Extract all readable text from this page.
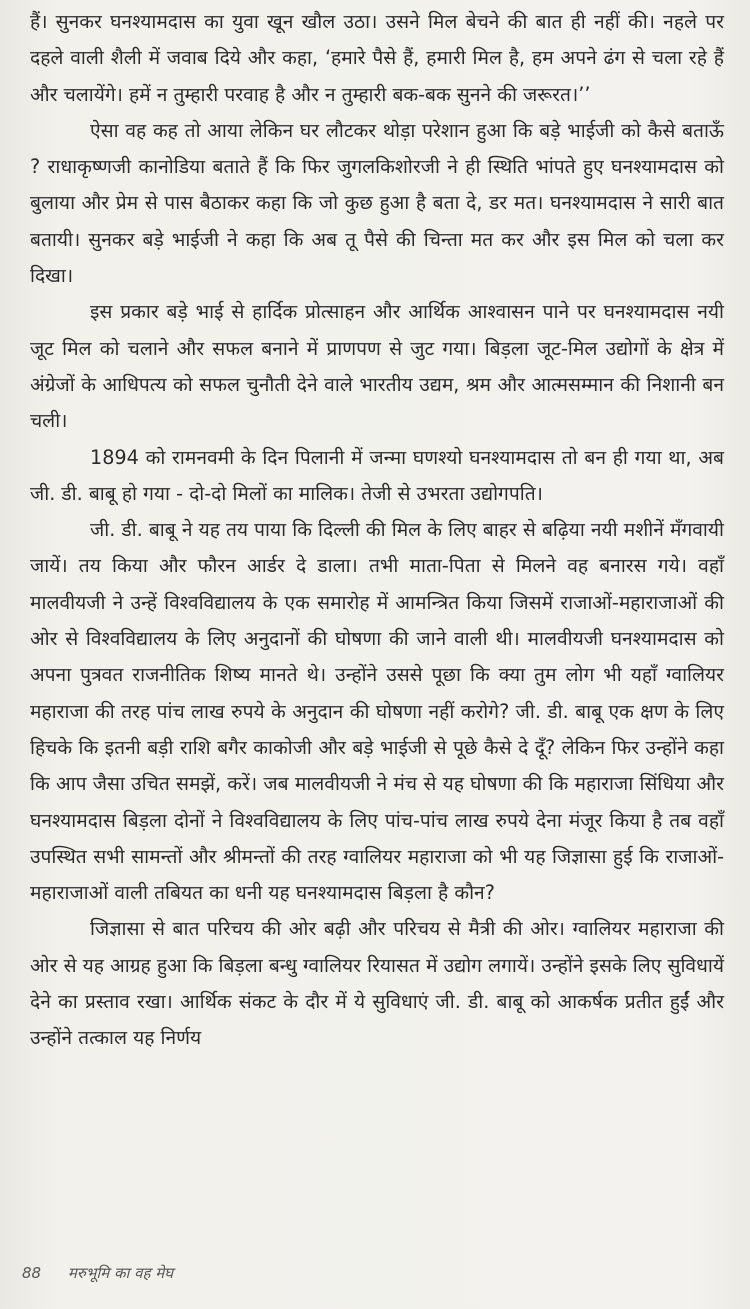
हैं। सुनकर घनश्यामदास का युवा खून खौल उठा। उसने मिल बेचने की बात ही नहीं की। नहले पर दहले वाली शैली में जवाब दिये और कहा, ‘हमारे पैसे हैं, हमारी मिल है, हम अपने ढंग से चला रहे हैं और चलायेंगे। हमें न तुम्हारी परवाह है और न तुम्हारी बक-बक सुनने की जरूरत।’’

ऐसा वह कह तो आया लेकिन घर लौटकर थोड़ा परेशान हुआ कि बड़े भाईजी को कैसे बताऊँ ? राधाकृष्णजी कानोडिया बताते हैं कि फिर जुगलकिशोरजी ने ही स्थिति भांपते हुए घनश्यामदास को बुलाया और प्रेम से पास बैठाकर कहा कि जो कुछ हुआ है बता दे, डर मत। घनश्यामदास ने सारी बात बतायी। सुनकर बड़े भाईजी ने कहा कि अब तू पैसे की चिन्ता मत कर और इस मिल को चला कर दिखा।

इस प्रकार बड़े भाई से हार्दिक प्रोत्साहन और आर्थिक आश्वासन पाने पर घनश्यामदास नयी जूट मिल को चलाने और सफल बनाने में प्राणपण से जुट गया। बिड़ला जूट-मिल उद्योगों के क्षेत्र में अंग्रेजों के आधिपत्य को सफल चुनौती देने वाले भारतीय उद्यम, श्रम और आत्मसम्मान की निशानी बन चली।

1894 को रामनवमी के दिन पिलानी में जन्मा घणश्यो घनश्यामदास तो बन ही गया था, अब जी. डी. बाबू हो गया - दो-दो मिलों का मालिक। तेजी से उभरता उद्योगपति।

जी. डी. बाबू ने यह तय पाया कि दिल्ली की मिल के लिए बाहर से बढ़िया नयी मशीनें मँगवायी जायें। तय किया और फौरन आर्डर दे डाला। तभी माता-पिता से मिलने वह बनारस गये। वहाँ मालवीयजी ने उन्हें विश्वविद्यालय के एक समारोह में आमन्त्रित किया जिसमें राजाओं-महाराजाओं की ओर से विश्वविद्यालय के लिए अनुदानों की घोषणा की जाने वाली थी। मालवीयजी घनश्यामदास को अपना पुत्रवत राजनीतिक शिष्य मानते थे। उन्होंने उससे पूछा कि क्या तुम लोग भी यहाँ ग्वालियर महाराजा की तरह पांच लाख रुपये के अनुदान की घोषणा नहीं करोगे? जी. डी. बाबू एक क्षण के लिए हिचके कि इतनी बड़ी राशि बगैर काकोजी और बड़े भाईजी से पूछे कैसे दे दूँ? लेकिन फिर उन्होंने कहा कि आप जैसा उचित समझें, करें। जब मालवीयजी ने मंच से यह घोषणा की कि महाराजा सिंधिया और घनश्यामदास बिड़ला दोनों ने विश्वविद्यालय के लिए पांच-पांच लाख रुपये देना मंजूर किया है तब वहाँ उपस्थित सभी सामन्तों और श्रीमन्तों की तरह ग्वालियर महाराजा को भी यह जिज्ञासा हुई कि राजाओं-महाराजाओं वाली तबियत का धनी यह घनश्यामदास बिड़ला है कौन?

जिज्ञासा से बात परिचय की ओर बढ़ी और परिचय से मैत्री की ओर। ग्वालियर महाराजा की ओर से यह आग्रह हुआ कि बिड़ला बन्धु ग्वालियर रियासत में उद्योग लगायें। उन्होंने इसके लिए सुविधायें देने का प्रस्ताव रखा। आर्थिक संकट के दौर में ये सुविधाएं जी. डी. बाबू को आकर्षक प्रतीत हुईं और उन्होंने तत्काल यह निर्णय

88 मरुभूमि का वह मेघ
